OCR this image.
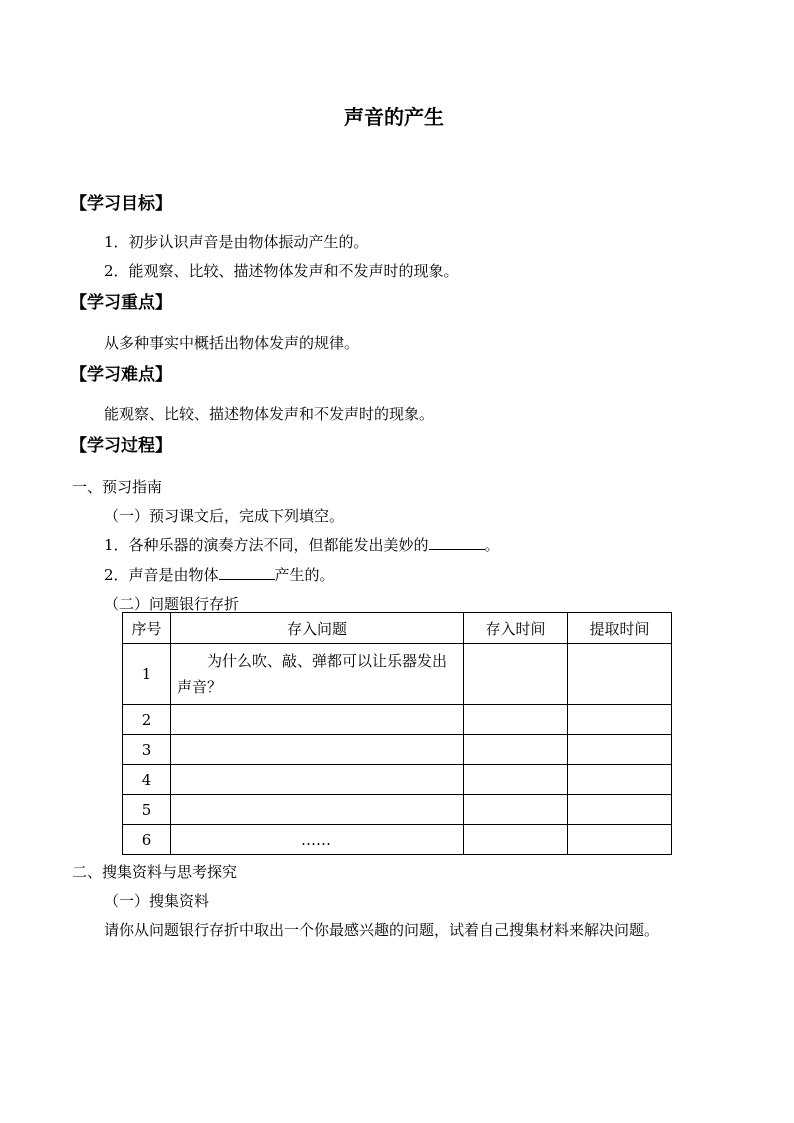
声音的产生
【学习目标】
1．初步认识声音是由物体振动产生的。
2．能观察、比较、描述物体发声和不发声时的现象。
【学习重点】
从多种事实中概括出物体发声的规律。
【学习难点】
能观察、比较、描述物体发声和不发声时的现象。
【学习过程】
一、预习指南
（一）预习课文后，完成下列填空。
1．各种乐器的演奏方法不同，但都能发出美妙的	。
2．声音是由物体	产生的。
（二）问题银行存折
序号	存入问题	存入时间	提取时间
1	为什么吹、敲、弹都可以让乐器发出声音？		
2			
3			
4			
5			
6	……		
二、搜集资料与思考探究
（一）搜集资料
请你从问题银行存折中取出一个你最感兴趣的问题，试着自己搜集材料来解决问题。
